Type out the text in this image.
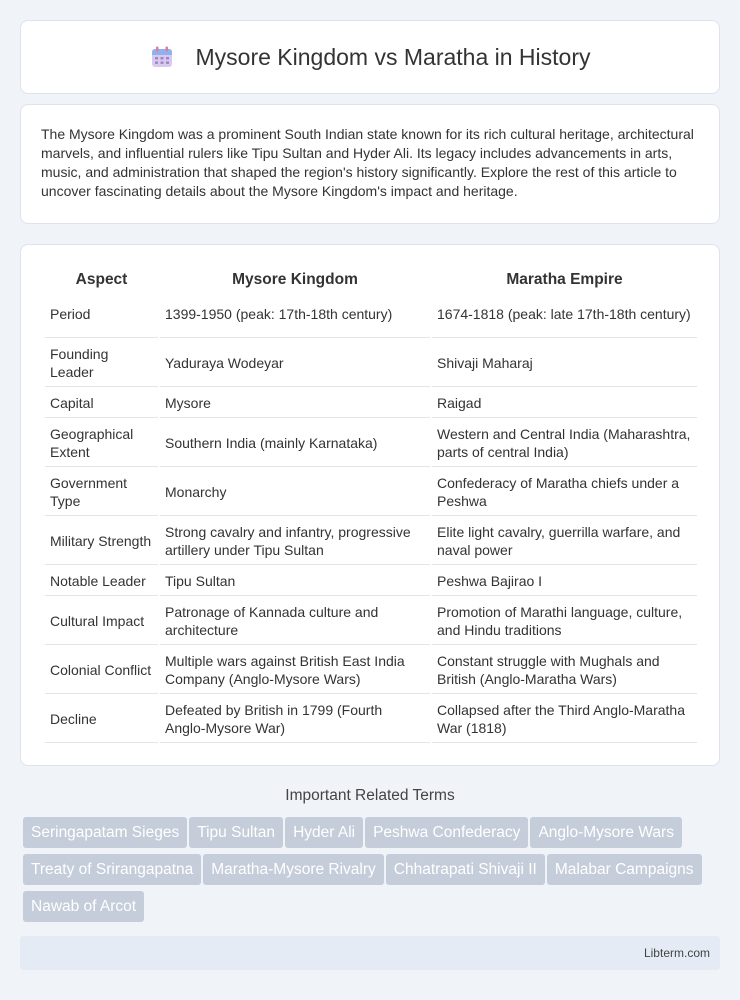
Mysore Kingdom vs Maratha in History

The Mysore Kingdom was a prominent South Indian state known for its rich cultural heritage, architectural marvels, and influential rulers like Tipu Sultan and Hyder Ali. Its legacy includes advancements in arts, music, and administration that shaped the region's history significantly. Explore the rest of this article to uncover fascinating details about the Mysore Kingdom's impact and heritage.

Aspect	Mysore Kingdom	Maratha Empire
Period	1399-1950 (peak: 17th-18th century)	1674-1818 (peak: late 17th-18th century)
Founding Leader	Yaduraya Wodeyar	Shivaji Maharaj
Capital	Mysore	Raigad
Geographical Extent	Southern India (mainly Karnataka)	Western and Central India (Maharashtra, parts of central India)
Government Type	Monarchy	Confederacy of Maratha chiefs under a Peshwa
Military Strength	Strong cavalry and infantry, progressive artillery under Tipu Sultan	Elite light cavalry, guerrilla warfare, and naval power
Notable Leader	Tipu Sultan	Peshwa Bajirao I
Cultural Impact	Patronage of Kannada culture and architecture	Promotion of Marathi language, culture, and Hindu traditions
Colonial Conflict	Multiple wars against British East India Company (Anglo-Mysore Wars)	Constant struggle with Mughals and British (Anglo-Maratha Wars)
Decline	Defeated by British in 1799 (Fourth Anglo-Mysore War)	Collapsed after the Third Anglo-Maratha War (1818)
Important Related Terms
Seringapatam Sieges Tipu Sultan Hyder Ali Peshwa Confederacy Anglo-Mysore WarsTreaty of Srirangapatna Maratha-Mysore Rivalry Chhatrapati Shivaji II Malabar CampaignsNawab of Arcot
Libterm.com
